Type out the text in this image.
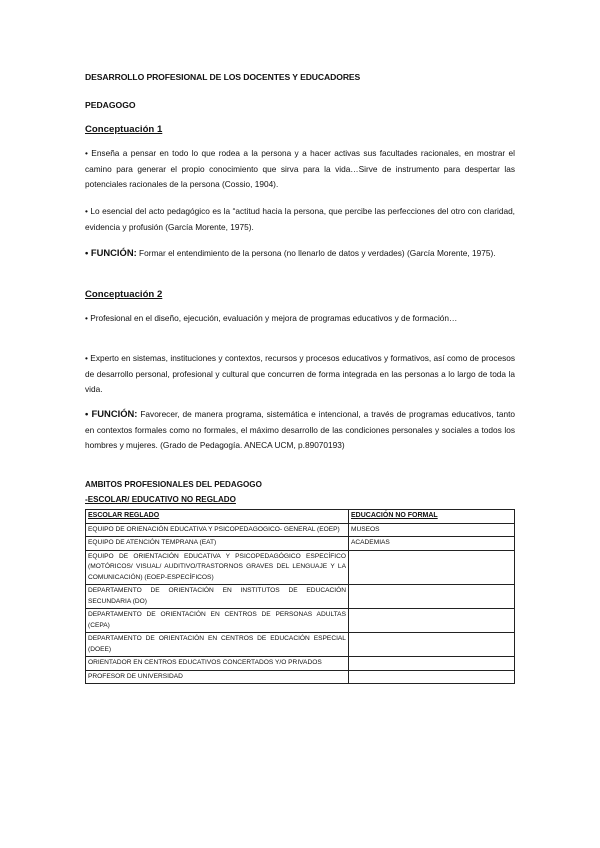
DESARROLLO PROFESIONAL DE LOS DOCENTES Y EDUCADORES
PEDAGOGO
Conceptuación 1
• Enseña a pensar en todo lo que rodea a la persona y a hacer activas sus facultades racionales, en mostrar el camino para generar el propio conocimiento que sirva para la vida…Sirve de instrumento para despertar las potenciales racionales de la persona (Cossio, 1904).
• Lo esencial del acto pedagógico es la “actitud hacia la persona, que percibe las perfecciones del otro con claridad, evidencia y profusión (García Morente, 1975).
• FUNCIÓN: Formar el entendimiento de la persona (no llenarlo de datos y verdades) (García Morente, 1975).
Conceptuación 2
• Profesional en el diseño, ejecución, evaluación y mejora de programas educativos y de formación…
• Experto en sistemas, instituciones y contextos, recursos y procesos educativos y formativos, así como de procesos de desarrollo personal, profesional y cultural que concurren de forma integrada en las personas a lo largo de toda la vida.
• FUNCIÓN: Favorecer, de manera programa, sistemática e intencional, a través de programas educativos, tanto en contextos formales como no formales, el máximo desarrollo de las condiciones personales y sociales a todos los hombres y mujeres. (Grado de Pedagogía. ANECA UCM, p.89070193)
AMBITOS PROFESIONALES DEL PEDAGOGO
-ESCOLAR/ EDUCATIVO NO REGLADO
ESCOLAR REGLADO	EDUCACIÓN NO FORMAL
EQUIPO DE ORIENACIÓN EDUCATIVA Y PSICOPEDAGOGICO- GENERAL (EOEP)	MUSEOS
EQUIPO DE ATENCIÓN TEMPRANA (EAT)	ACADEMIAS
EQUIPO DE ORIENTACIÓN EDUCATIVA Y PSICOPEDAGÓGICO ESPECÍFICO (MOTÓRICOS/ VISUAL/ AUDITIVO/TRASTORNOS GRAVES DEL LENGUAJE Y LA COMUNICACIÓN) (EOEP-ESPECÍFICOS)	
DEPARTAMENTO DE ORIENTACIÓN EN INSTITUTOS DE EDUCACIÓN SECUNDARIA (DO)	
DEPARTAMENTO DE ORIENTACIÓN EN CENTROS DE PERSONAS ADULTAS (CEPA)	
DEPARTAMENTO DE ORIENTACIÓN EN CENTROS DE EDUCACIÓN ESPECIAL (DOEE)	
ORIENTADOR EN CENTROS EDUCATIVOS CONCERTADOS Y/O PRIVADOS	
PROFESOR DE UNIVERSIDAD	
